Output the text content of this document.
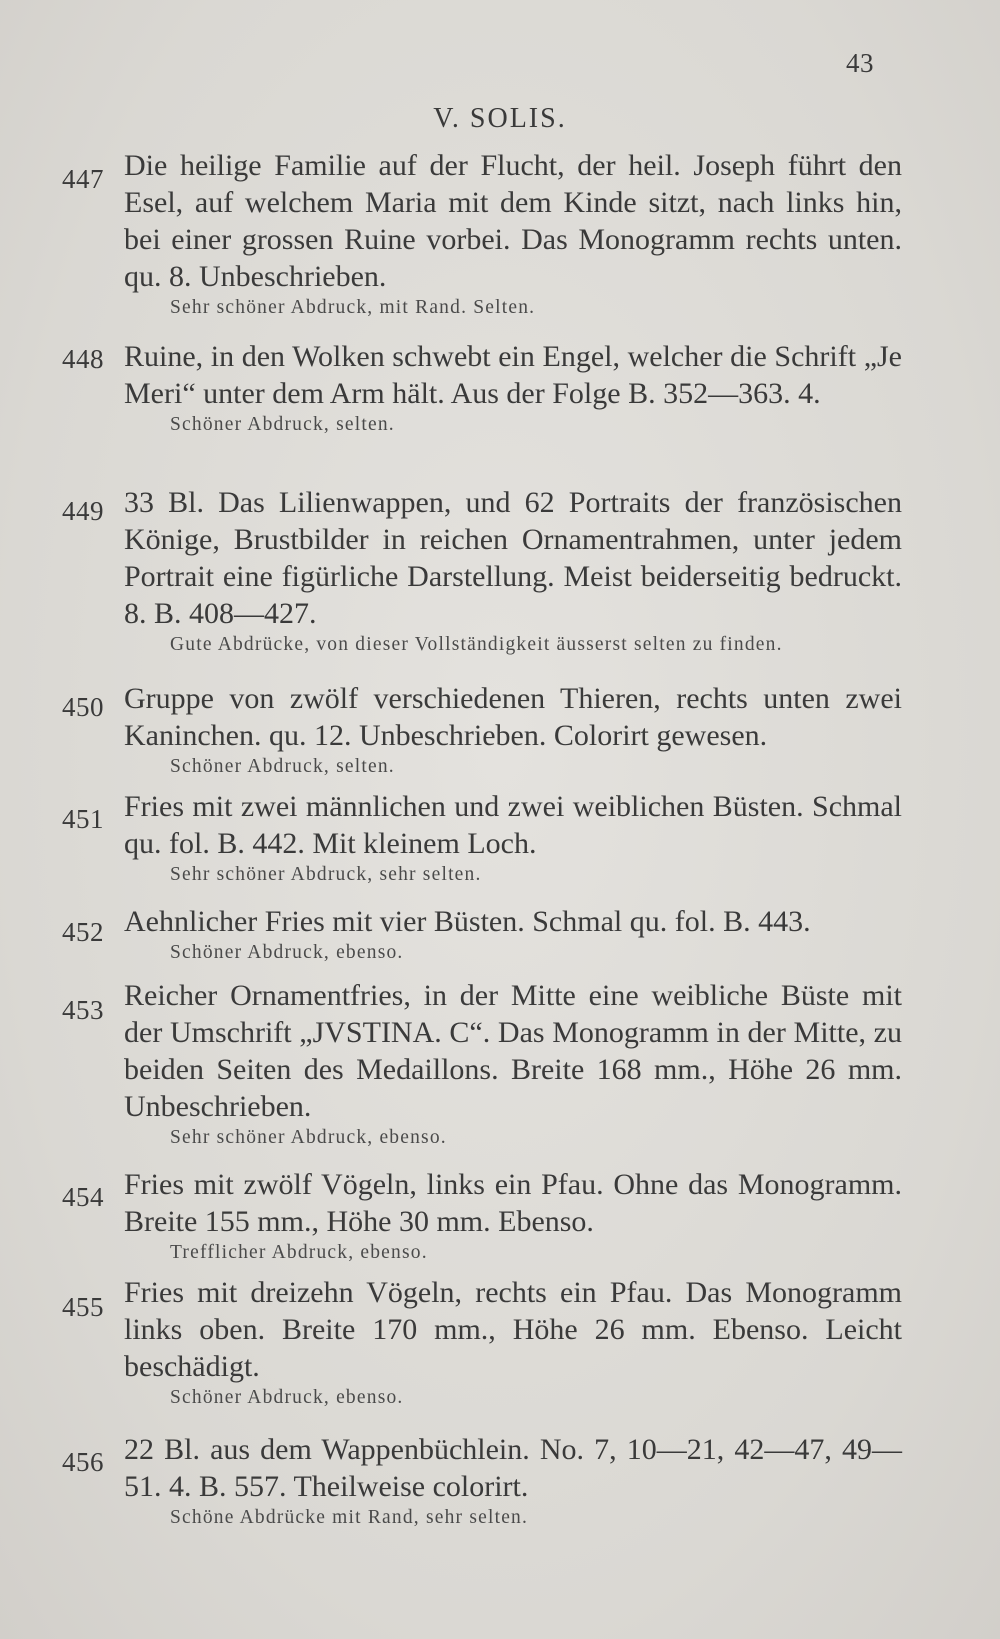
43
V. SOLIS.
447 Die heilige Familie auf der Flucht, der heil. Joseph führt den Esel, auf welchem Maria mit dem Kinde sitzt, nach links hin, bei einer grossen Ruine vorbei. Das Monogramm rechts unten. qu. 8. Unbeschrieben.
Sehr schöner Abdruck, mit Rand. Selten.
448 Ruine, in den Wolken schwebt ein Engel, welcher die Schrift „Je Meri“ unter dem Arm hält. Aus der Folge B. 352—363. 4.
Schöner Abdruck, selten.
449 33 Bl. Das Lilienwappen, und 62 Portraits der französischen Könige, Brustbilder in reichen Ornamentrahmen, unter jedem Portrait eine figürliche Darstellung. Meist beiderseitig bedruckt. 8. B. 408—427.
Gute Abdrücke, von dieser Vollständigkeit äusserst selten zu finden.
450 Gruppe von zwölf verschiedenen Thieren, rechts unten zwei Kaninchen. qu. 12. Unbeschrieben. Colorirt gewesen.
Schöner Abdruck, selten.
451 Fries mit zwei männlichen und zwei weiblichen Büsten. Schmal qu. fol. B. 442. Mit kleinem Loch.
Sehr schöner Abdruck, sehr selten.
452 Aehnlicher Fries mit vier Büsten. Schmal qu. fol. B. 443.
Schöner Abdruck, ebenso.
453 Reicher Ornamentfries, in der Mitte eine weibliche Büste mit der Umschrift „JVSTINA. C“. Das Monogramm in der Mitte, zu beiden Seiten des Medaillons. Breite 168 mm., Höhe 26 mm. Unbeschrieben.
Sehr schöner Abdruck, ebenso.
454 Fries mit zwölf Vögeln, links ein Pfau. Ohne das Monogramm. Breite 155 mm., Höhe 30 mm. Ebenso.
Trefflicher Abdruck, ebenso.
455 Fries mit dreizehn Vögeln, rechts ein Pfau. Das Monogramm links oben. Breite 170 mm., Höhe 26 mm. Ebenso. Leicht beschädigt.
Schöner Abdruck, ebenso.
456 22 Bl. aus dem Wappenbüchlein. No. 7, 10—21, 42—47, 49—51. 4. B. 557. Theilweise colorirt.
Schöne Abdrücke mit Rand, sehr selten.
